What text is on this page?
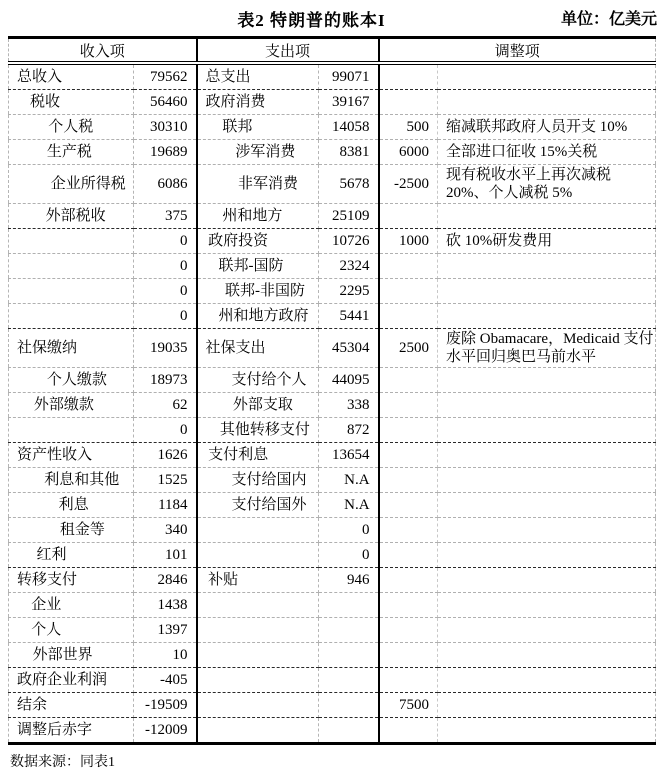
表2 特朗普的账本I	单位：亿美元
收入项		支出项		调整项	
总收入	79562	总支出	99071		
税收	56460	政府消费	39167		
个人税	30310	联邦	14058	500	缩减联邦政府人员开支 10%
生产税	19689	涉军消费	8381	6000	全部进口征收 15%关税
企业所得税	6086	非军消费	5678	-2500	现有税收水平上再次减税 20%、个人减税 5%
外部税收	375	州和地方	25109		
	0	政府投资	10726	1000	砍 10%研发费用
	0	联邦-国防	2324		
	0	联邦-非国防	2295		
	0	州和地方政府	5441		
社保缴纳	19035	社保支出	45304	2500	废除 Obamacare，Medicaid 支付水平回归奥巴马前水平
个人缴款	18973	支付给个人	44095		
外部缴款	62	外部支取	338		
	0	其他转移支付	872		
资产性收入	1626	支付利息	13654		
利息和其他	1525	支付给国内	N.A		
利息	1184	支付给国外	N.A		
租金等	340		0		
红利	101		0		
转移支付	2846	补贴	946		
企业	1438				
个人	1397				
外部世界	10				
政府企业利润	-405				
结余	-19509			7500	
调整后赤字	-12009				
数据来源：同表1
